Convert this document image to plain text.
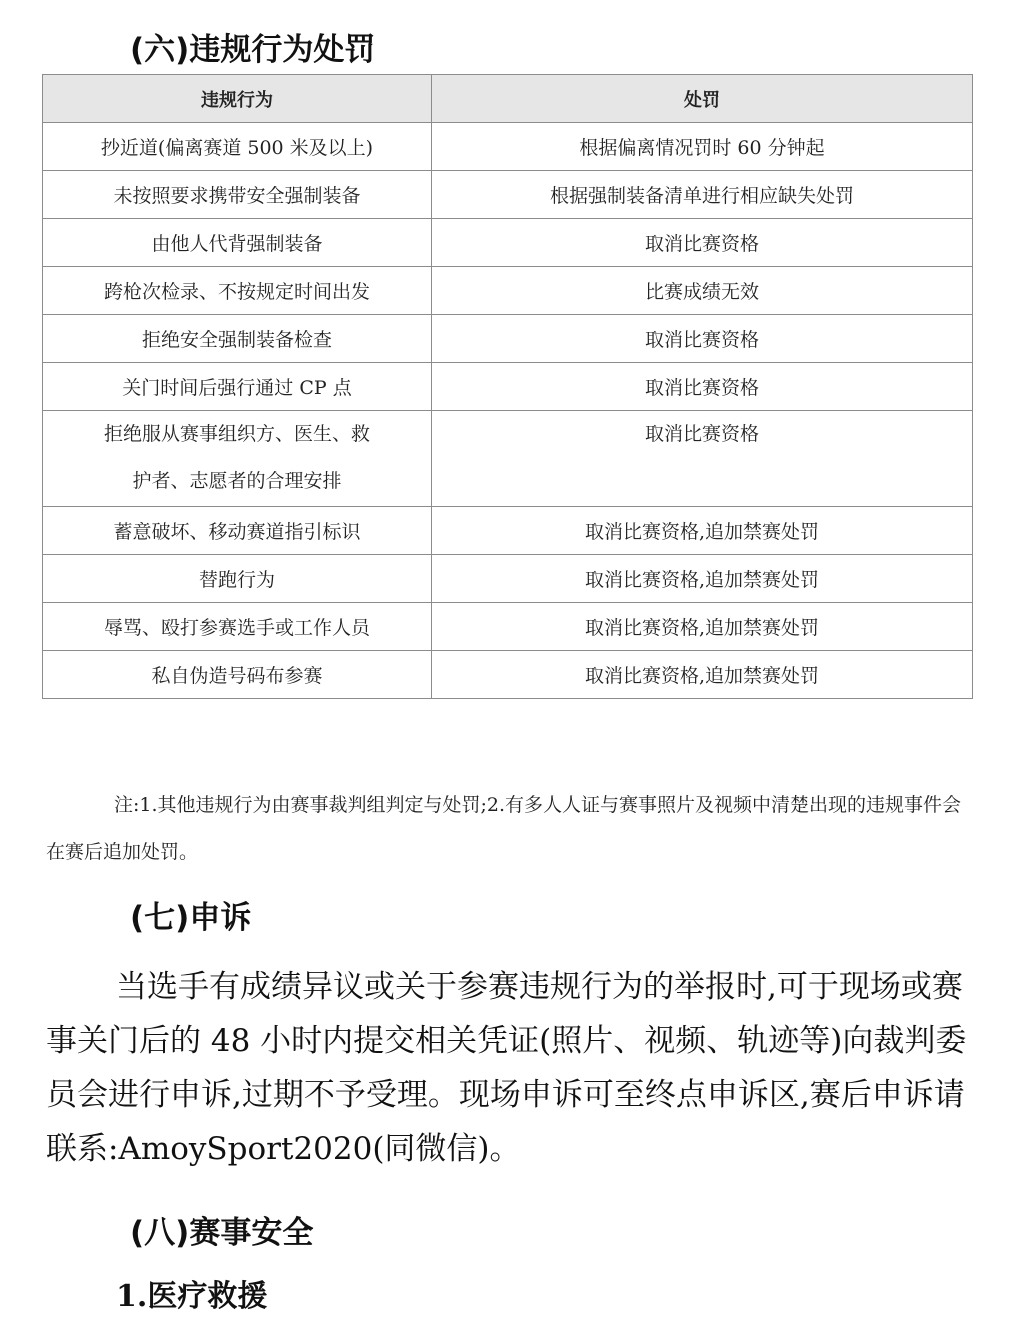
(六)违规行为处罚
违规行为	处罚
抄近道(偏离赛道 500 米及以上)	根据偏离情况罚时 60 分钟起
未按照要求携带安全强制装备	根据强制装备清单进行相应缺失处罚
由他人代背强制装备	取消比赛资格
跨枪次检录、不按规定时间出发	比赛成绩无效
拒绝安全强制装备检查	取消比赛资格
关门时间后强行通过 CP 点	取消比赛资格
拒绝服从赛事组织方、医生、救护者、志愿者的合理安排	取消比赛资格
蓄意破坏、移动赛道指引标识	取消比赛资格,追加禁赛处罚
替跑行为	取消比赛资格,追加禁赛处罚
辱骂、殴打参赛选手或工作人员	取消比赛资格,追加禁赛处罚
私自伪造号码布参赛	取消比赛资格,追加禁赛处罚

注:1.其他违规行为由赛事裁判组判定与处罚;2.有多人人证与赛事照片及视频中清楚出现的违规事件会在赛后追加处罚。

(七)申诉

当选手有成绩异议或关于参赛违规行为的举报时,可于现场或赛事关门后的 48 小时内提交相关凭证(照片、视频、轨迹等)向裁判委员会进行申诉,过期不予受理。现场申诉可至终点申诉区,赛后申诉请联系:AmoySport2020(同微信)。

(八)赛事安全
1.医疗救援
